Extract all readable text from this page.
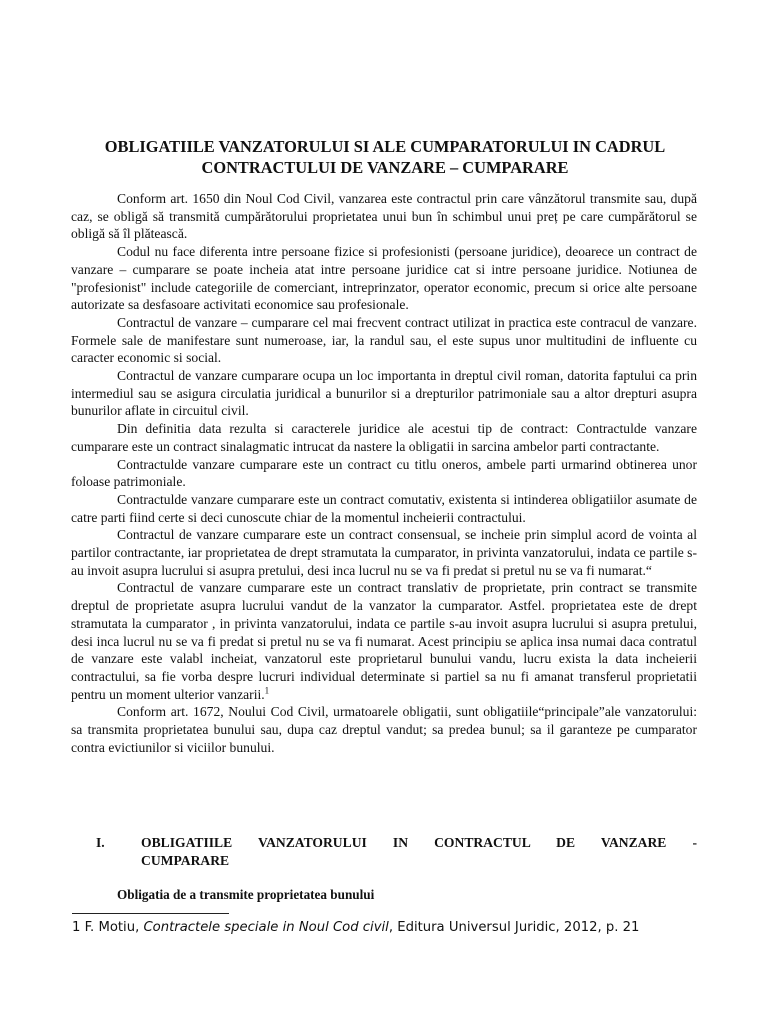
OBLIGATIILE VANZATORULUI SI ALE CUMPARATORULUI IN CADRUL
CONTRACTULUI DE VANZARE – CUMPARARE

Conform art. 1650 din Noul Cod Civil, vanzarea este contractul prin care vânzătorul transmite sau, după caz, se obligă să transmită cumpărătorului proprietatea unui bun în schimbul unui preț pe care cumpărătorul se obligă să îl plătească.

Codul nu face diferenta intre persoane fizice si profesionisti (persoane juridice), deoarece un contract de vanzare – cumparare se poate incheia atat intre persoane juridice cat si intre persoane juridice. Notiunea de "profesionist" include categoriile de comerciant, intreprinzator, operator economic, precum si orice alte persoane autorizate sa desfasoare activitati economice sau profesionale.

Contractul de vanzare – cumparare cel mai frecvent contract utilizat in practica este contracul de vanzare. Formele sale de manifestare sunt numeroase, iar, la randul sau, el este supus unor multitudini de influente cu caracter economic si social.

Contractul de vanzare cumparare ocupa un loc importanta in dreptul civil roman, datorita faptului ca prin intermediul sau se asigura circulatia juridical a bunurilor si a drepturilor patrimoniale sau a altor drepturi asupra bunurilor aflate in circuitul civil.

Din definitia data rezulta si caracterele juridice ale acestui tip de contract: Contractulde vanzare cumparare este un contract sinalagmatic intrucat da nastere la obligatii in sarcina ambelor parti contractante.

Contractulde vanzare cumparare este un contract cu titlu oneros, ambele parti urmarind obtinerea unor foloase patrimoniale.

Contractulde vanzare cumparare este un contract comutativ, existenta si intinderea obligatiilor asumate de catre parti fiind certe si deci cunoscute chiar de la momentul incheierii contractului.

Contractul de vanzare cumparare este un contract consensual, se incheie prin simplul acord de vointa al partilor contractante, iar proprietatea de drept stramutata la cumparator, in privinta vanzatorului, indata ce partile s-au invoit asupra lucrului si asupra pretului, desi inca lucrul nu se va fi predat si pretul nu se va fi numarat.“

Contractul de vanzare cumparare este un contract translativ de proprietate, prin contract se transmite dreptul de proprietate asupra lucrului vandut de la vanzator la cumparator. Astfel. proprietatea este de drept stramutata la cumparator , in privinta vanzatorului, indata ce partile s-au invoit asupra lucrului si asupra pretului, desi inca lucrul nu se va fi predat si pretul nu se va fi numarat. Acest principiu se aplica insa numai daca contratul de vanzare este valabl incheiat, vanzatorul este proprietarul bunului vandu, lucru exista la data incheierii contractului, sa fie vorba despre lucruri individual determinate si partiel sa nu fi amanat transferul proprietatii pentru un moment ulterior vanzarii.$^1$

Conform art. 1672, Noului Cod Civil, urmatoarele obligatii, sunt obligatiile“principale”ale vanzatorului: sa transmita proprietatea bunului sau, dupa caz dreptul vandut; sa predea bunul; sa il garanteze pe cumparator contra evictiunilor si viciilor bunului.

I.	OBLIGATIILE VANZATORULUI IN CONTRACTUL DE VANZARE -
CUMPARARE
Obligatia de a transmite proprietatea bunului
1 F. Motiu, Contractele speciale in Noul Cod civil, Editura Universul Juridic, 2012, p. 21
